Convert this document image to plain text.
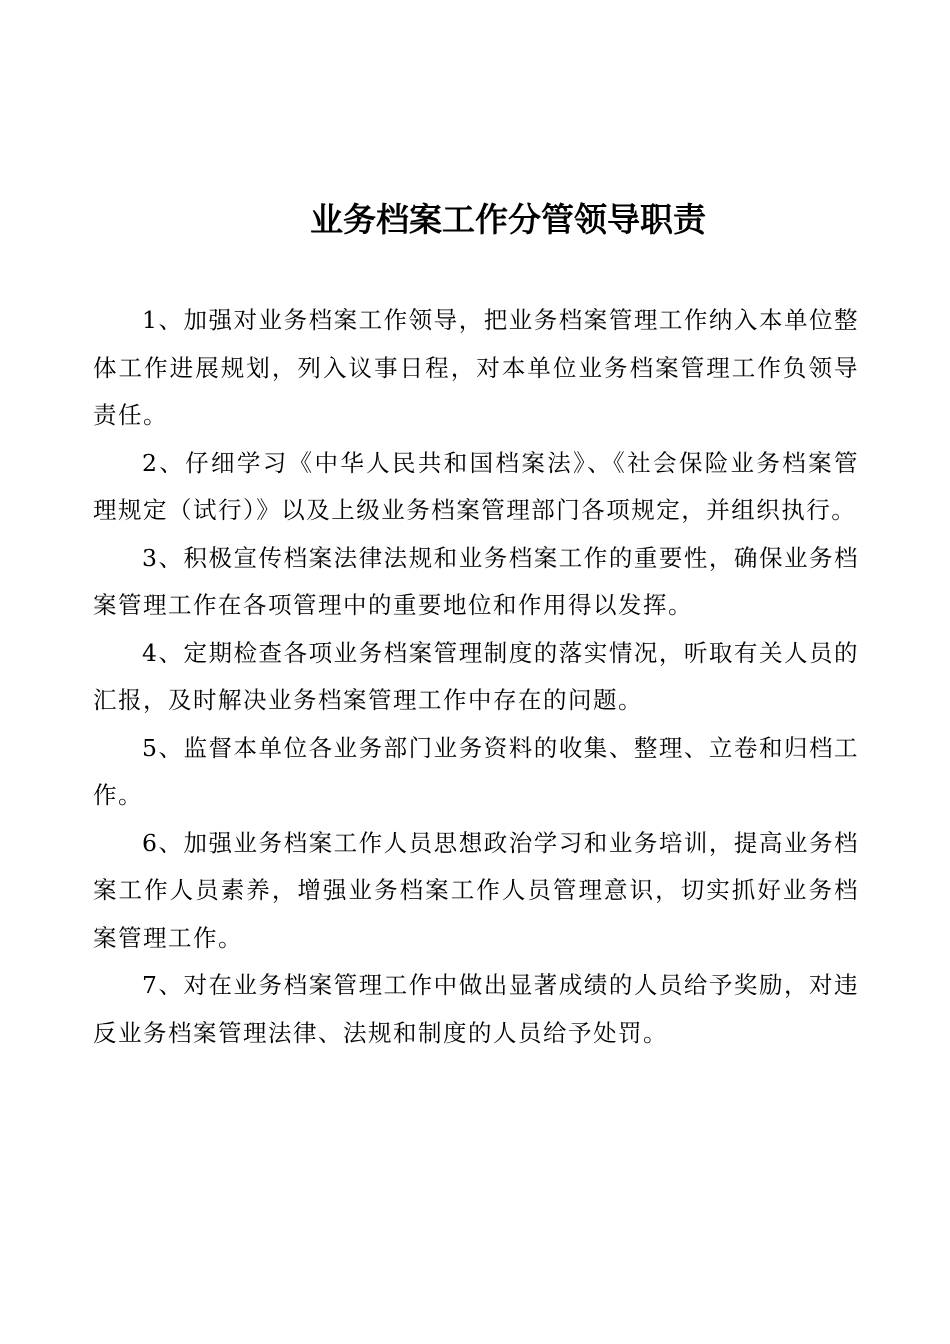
业务档案工作分管领导职责

1、加强对业务档案工作领导，把业务档案管理工作纳入本单位整体工作进展规划，列入议事日程，对本单位业务档案管理工作负领导责任。

2、仔细学习《中华人民共和国档案法》、《社会保险业务档案管理规定（试行）》以及上级业务档案管理部门各项规定，并组织执行。

3、积极宣传档案法律法规和业务档案工作的重要性，确保业务档案管理工作在各项管理中的重要地位和作用得以发挥。

4、定期检查各项业务档案管理制度的落实情况，听取有关人员的汇报，及时解决业务档案管理工作中存在的问题。

5、监督本单位各业务部门业务资料的收集、整理、立卷和归档工作。

6、加强业务档案工作人员思想政治学习和业务培训，提高业务档案工作人员素养，增强业务档案工作人员管理意识，切实抓好业务档案管理工作。

7、对在业务档案管理工作中做出显著成绩的人员给予奖励，对违反业务档案管理法律、法规和制度的人员给予处罚。
